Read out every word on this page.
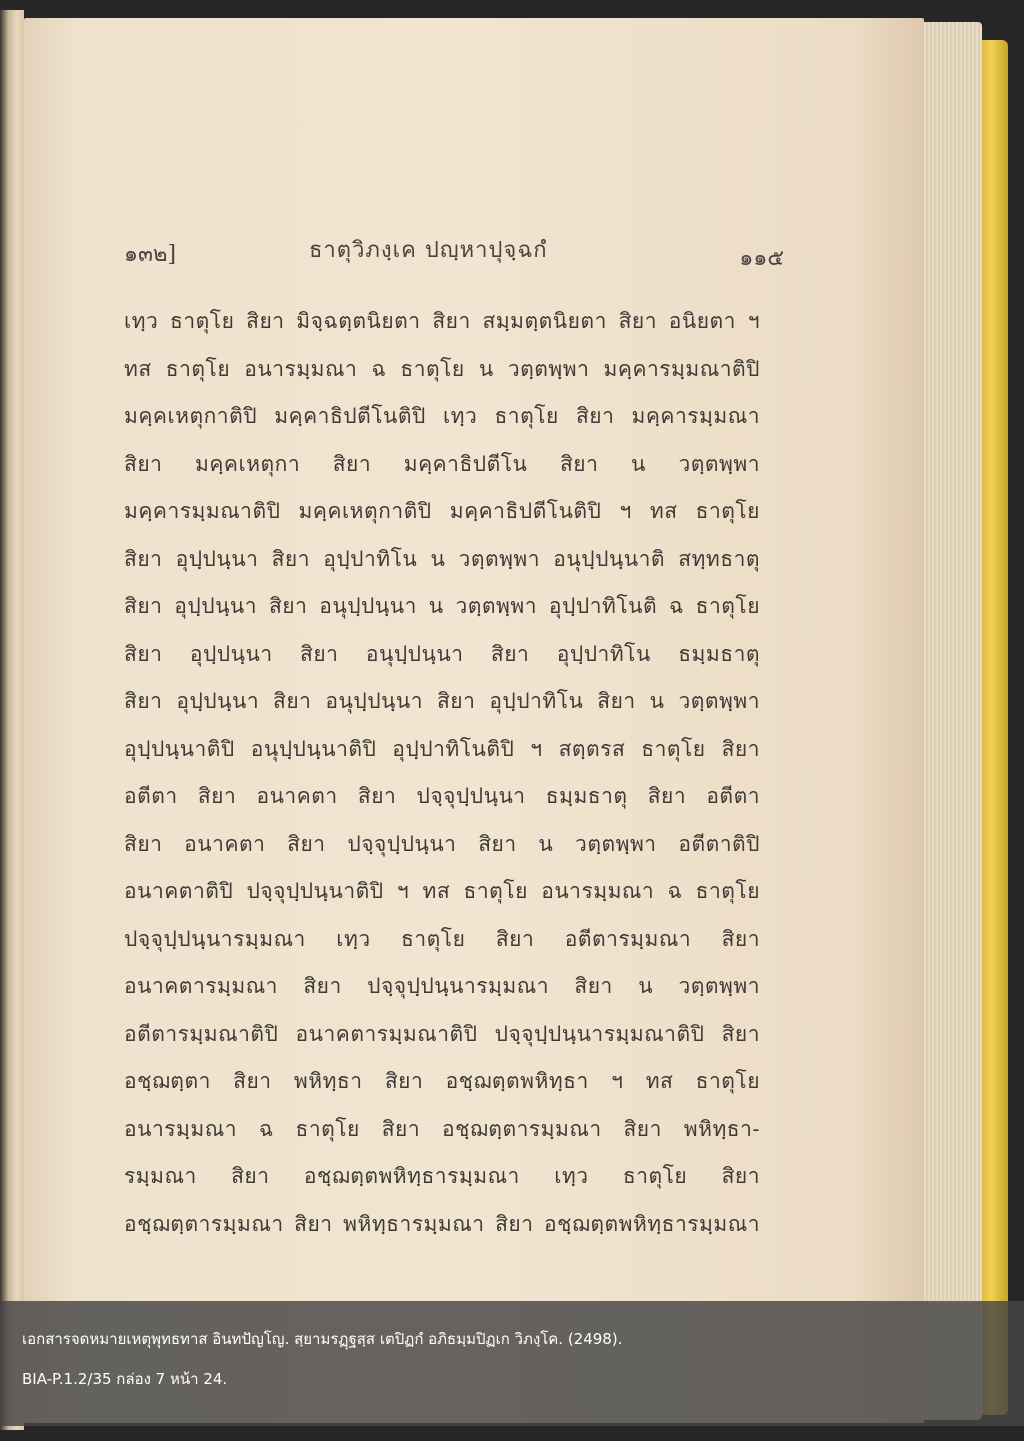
๑๓๒]	ธาตุวิภงฺเค ปญฺหาปุจฺฉกํ	๑๑๕
เทฺว ธาตุโย สิยา มิจฺฉตฺตนิยตา สิยา สมฺมตฺตนิยตา สิยา อนิยตา ฯ
ทส ธาตุโย อนารมฺมณา ฉ ธาตุโย น วตฺตพฺพา มคฺคารมฺมณาติปิ
มคฺคเหตุกาติปิ มคฺคาธิปตีโนติปิ เทฺว ธาตุโย สิยา มคฺคารมฺมณา
สิยา มคฺคเหตุกา สิยา มคฺคาธิปตีโน สิยา น วตฺตพฺพา
มคฺคารมฺมณาติปิ มคฺคเหตุกาติปิ มคฺคาธิปตีโนติปิ ฯ ทส ธาตุโย
สิยา อุปฺปนฺนา สิยา อุปฺปาทิโน น วตฺตพฺพา อนุปฺปนฺนาติ สทฺทธาตุ
สิยา อุปฺปนฺนา สิยา อนุปฺปนฺนา น วตฺตพฺพา อุปฺปาทิโนติ ฉ ธาตุโย
สิยา อุปฺปนฺนา สิยา อนุปฺปนฺนา สิยา อุปฺปาทิโน ธมฺมธาตุ
สิยา อุปฺปนฺนา สิยา อนุปฺปนฺนา สิยา อุปฺปาทิโน สิยา น วตฺตพฺพา
อุปฺปนฺนาติปิ อนุปฺปนฺนาติปิ อุปฺปาทิโนติปิ ฯ สตฺตรส ธาตุโย สิยา
อตีตา สิยา อนาคตา สิยา ปจฺจุปฺปนฺนา ธมฺมธาตุ สิยา อตีตา
สิยา อนาคตา สิยา ปจฺจุปฺปนฺนา สิยา น วตฺตพฺพา อตีตาติปิ
อนาคตาติปิ ปจฺจุปฺปนฺนาติปิ ฯ ทส ธาตุโย อนารมฺมณา ฉ ธาตุโย
ปจฺจุปฺปนฺนารมฺมณา เทฺว ธาตุโย สิยา อตีตารมฺมณา สิยา
อนาคตารมฺมณา สิยา ปจฺจุปฺปนฺนารมฺมณา สิยา น วตฺตพฺพา
อตีตารมฺมณาติปิ อนาคตารมฺมณาติปิ ปจฺจุปฺปนฺนารมฺมณาติปิ สิยา
อชฺฌตฺตา สิยา พหิทฺธา สิยา อชฺฌตฺตพหิทฺธา ฯ ทส ธาตุโย
อนารมฺมณา ฉ ธาตุโย สิยา อชฺฌตฺตารมฺมณา สิยา พหิทฺธา-
รมฺมณา สิยา อชฺฌตฺตพหิทฺธารมฺมณา เทฺว ธาตุโย สิยา
อชฺฌตฺตารมฺมณา สิยา พหิทฺธารมฺมณา สิยา อชฺฌตฺตพหิทฺธารมฺมณา
เอกสารจดหมายเหตุพุทธทาส อินทปัญโญ. สฺยามรฏฺฐสฺส เตปิฏกํ อภิธมฺมปิฏเก วิภงฺโค. (2498).
BIA-P.1.2/35 กล่อง 7 หน้า 24.
